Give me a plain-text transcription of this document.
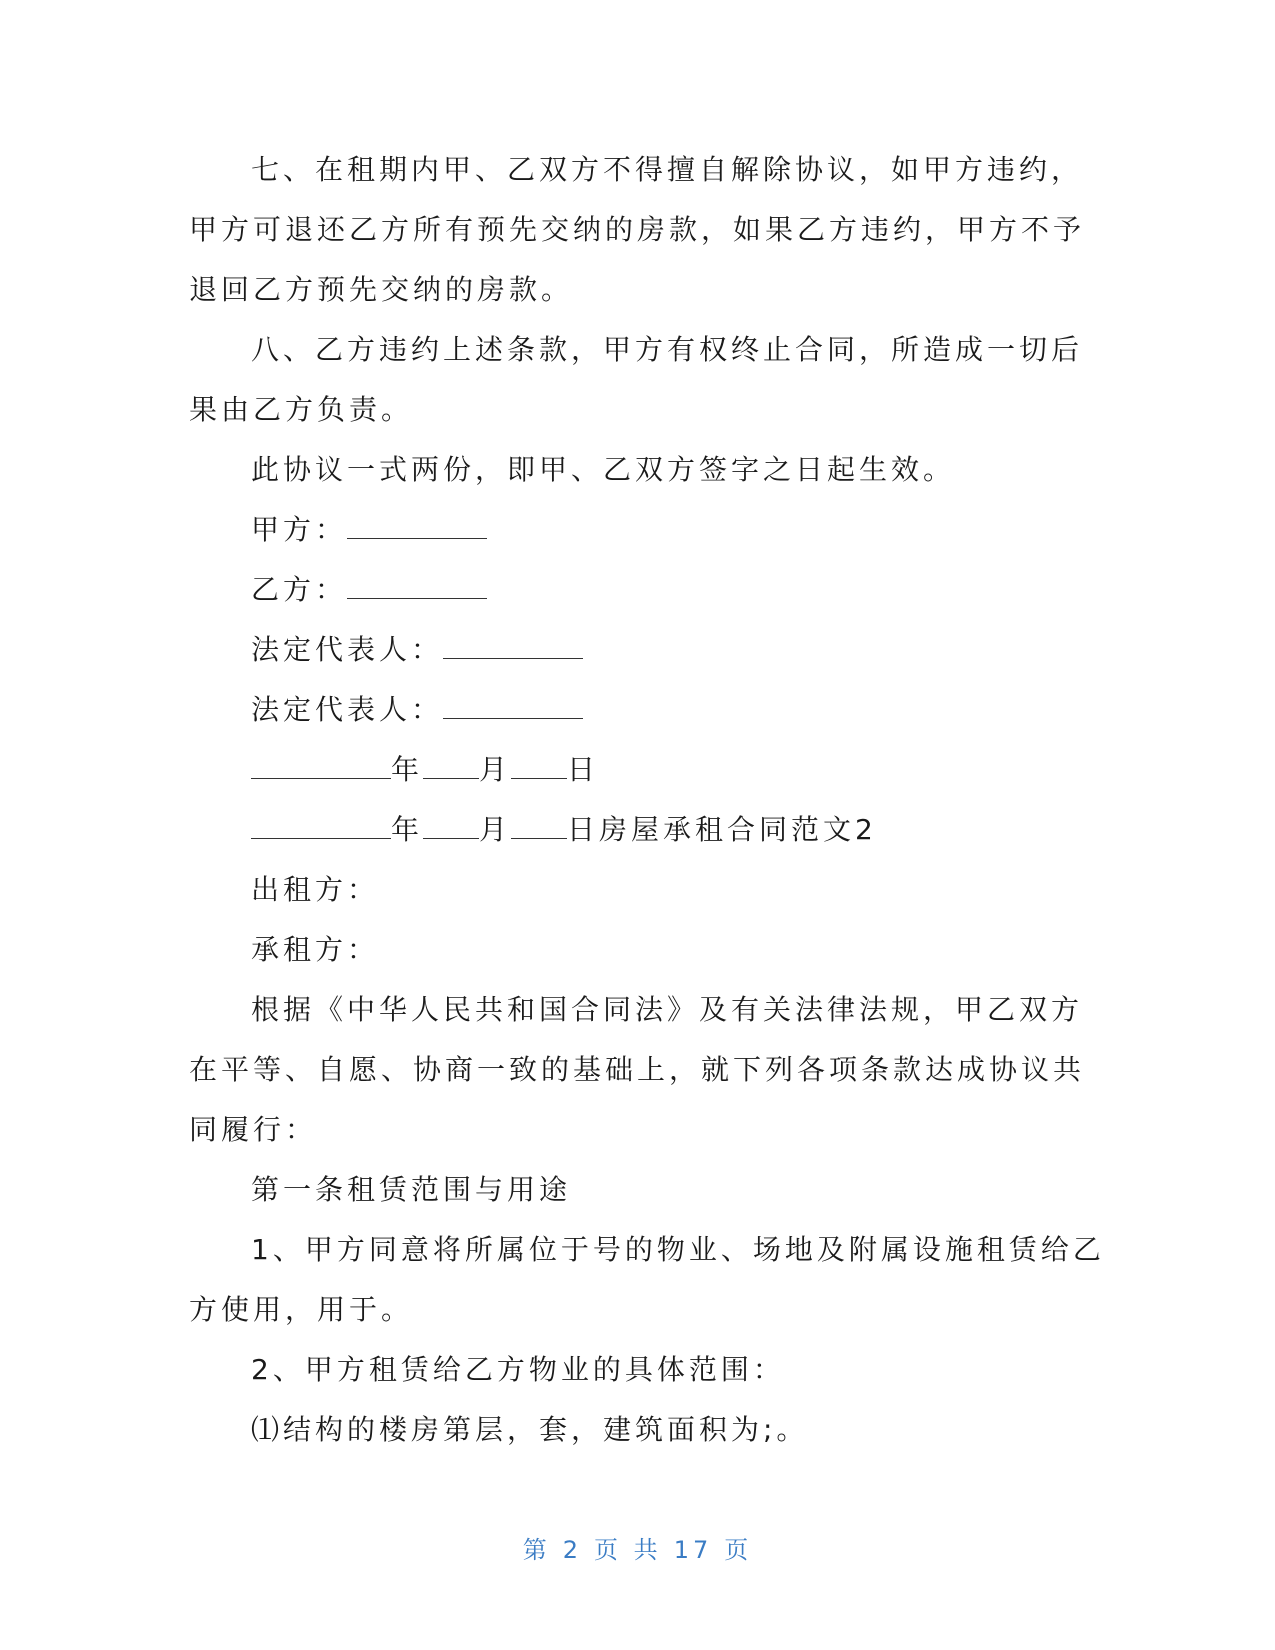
七、在租期内甲、乙双方不得擅自解除协议，如甲方违约，
甲方可退还乙方所有预先交纳的房款，如果乙方违约，甲方不予
退回乙方预先交纳的房款。
八、乙方违约上述条款，甲方有权终止合同，所造成一切后
果由乙方负责。
此协议一式两份，即甲、乙双方签字之日起生效。
甲方：
乙方：
法定代表人：
法定代表人：
年 月 日
年 月 日房屋承租合同范文2
出租方：
承租方：
根据《中华人民共和国合同法》及有关法律法规，甲乙双方
在平等、自愿、协商一致的基础上，就下列各项条款达成协议共
同履行：
第一条租赁范围与用途
1、甲方同意将所属位于号的物业、场地及附属设施租赁给乙
方使用，用于。
2、甲方租赁给乙方物业的具体范围：
⑴结构的楼房第层，套，建筑面积为;。
第 2 页 共 17 页
